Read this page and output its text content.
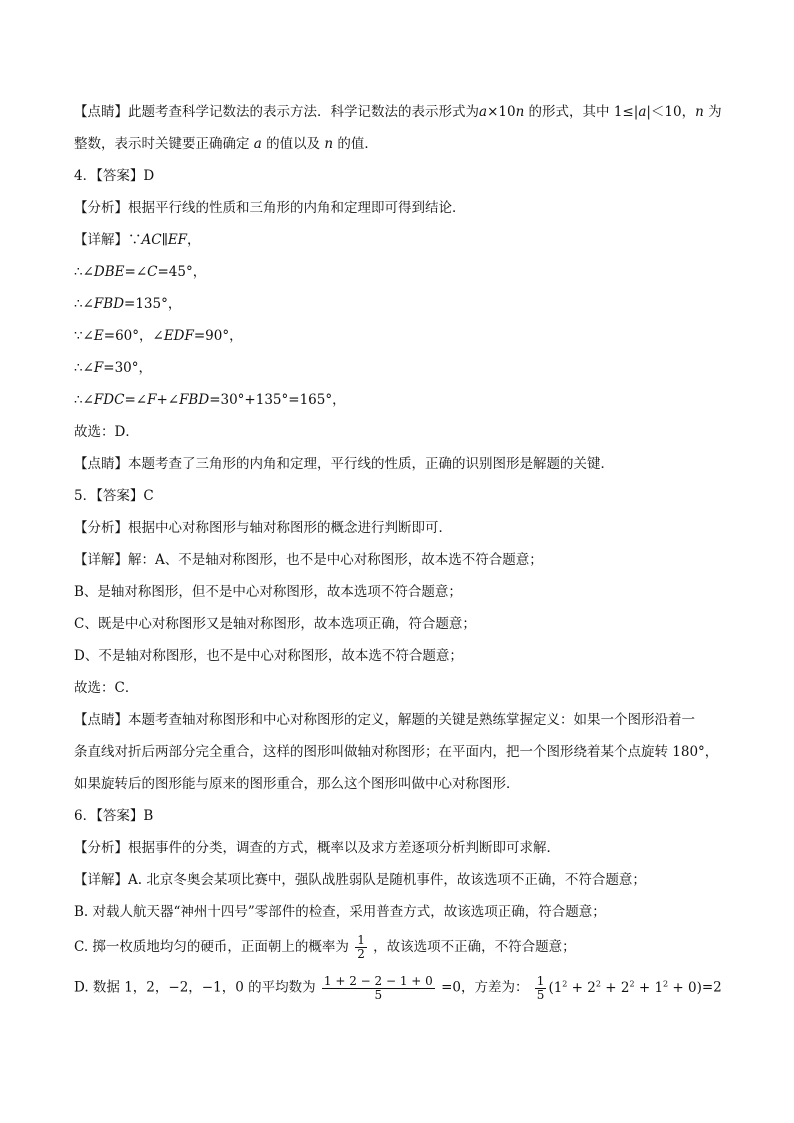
【点睛】此题考查科学记数法的表示方法．科学记数法的表示形式为a×10n 的形式，其中 1≤|a|＜10，n 为
整数，表示时关键要正确确定 a 的值以及 n 的值．
4．【答案】D
【分析】根据平行线的性质和三角形的内角和定理即可得到结论．
【详解】∵AC∥EF，
∴∠DBE=∠C=45°，
∴∠FBD=135°，
∵∠E=60°，∠EDF=90°，
∴∠F=30°，
∴∠FDC=∠F+∠FBD=30°+135°=165°，
故选：D．
【点睛】本题考查了三角形的内角和定理，平行线的性质，正确的识别图形是解题的关键．
5．【答案】C
【分析】根据中心对称图形与轴对称图形的概念进行判断即可．
【详解】解：A、不是轴对称图形，也不是中心对称图形，故本选不符合题意；
B、是轴对称图形，但不是中心对称图形，故本选项不符合题意；
C、既是中心对称图形又是轴对称图形，故本选项正确，符合题意；
D、不是轴对称图形，也不是中心对称图形，故本选不符合题意；
故选：C．
【点睛】本题考查轴对称图形和中心对称图形的定义，解题的关键是熟练掌握定义：如果一个图形沿着一
条直线对折后两部分完全重合，这样的图形叫做轴对称图形；在平面内，把一个图形绕着某个点旋转 180°，
如果旋转后的图形能与原来的图形重合，那么这个图形叫做中心对称图形．
6．【答案】B
【分析】根据事件的分类，调查的方式，概率以及求方差逐项分析判断即可求解．
【详解】A. 北京冬奥会某项比赛中，强队战胜弱队是随机事件，故该选项不正确，不符合题意；
B. 对载人航天器“神州十四号”零部件的检查，采用普查方式，故该选项正确，符合题意；
C. 掷一枚质地均匀的硬币，正面朝上的概率为 $\frac{1}{2}$ ，故该选项不正确，不符合题意；
D. 数据 1，2，−2，−1，0 的平均数为 $\frac{1 + 2 - 2 - 1 + 0}{5} =0$，方差为： $\frac{1}{5} (1^2 + 2^2 + 2^2 + 1^2 + 0)=2$
